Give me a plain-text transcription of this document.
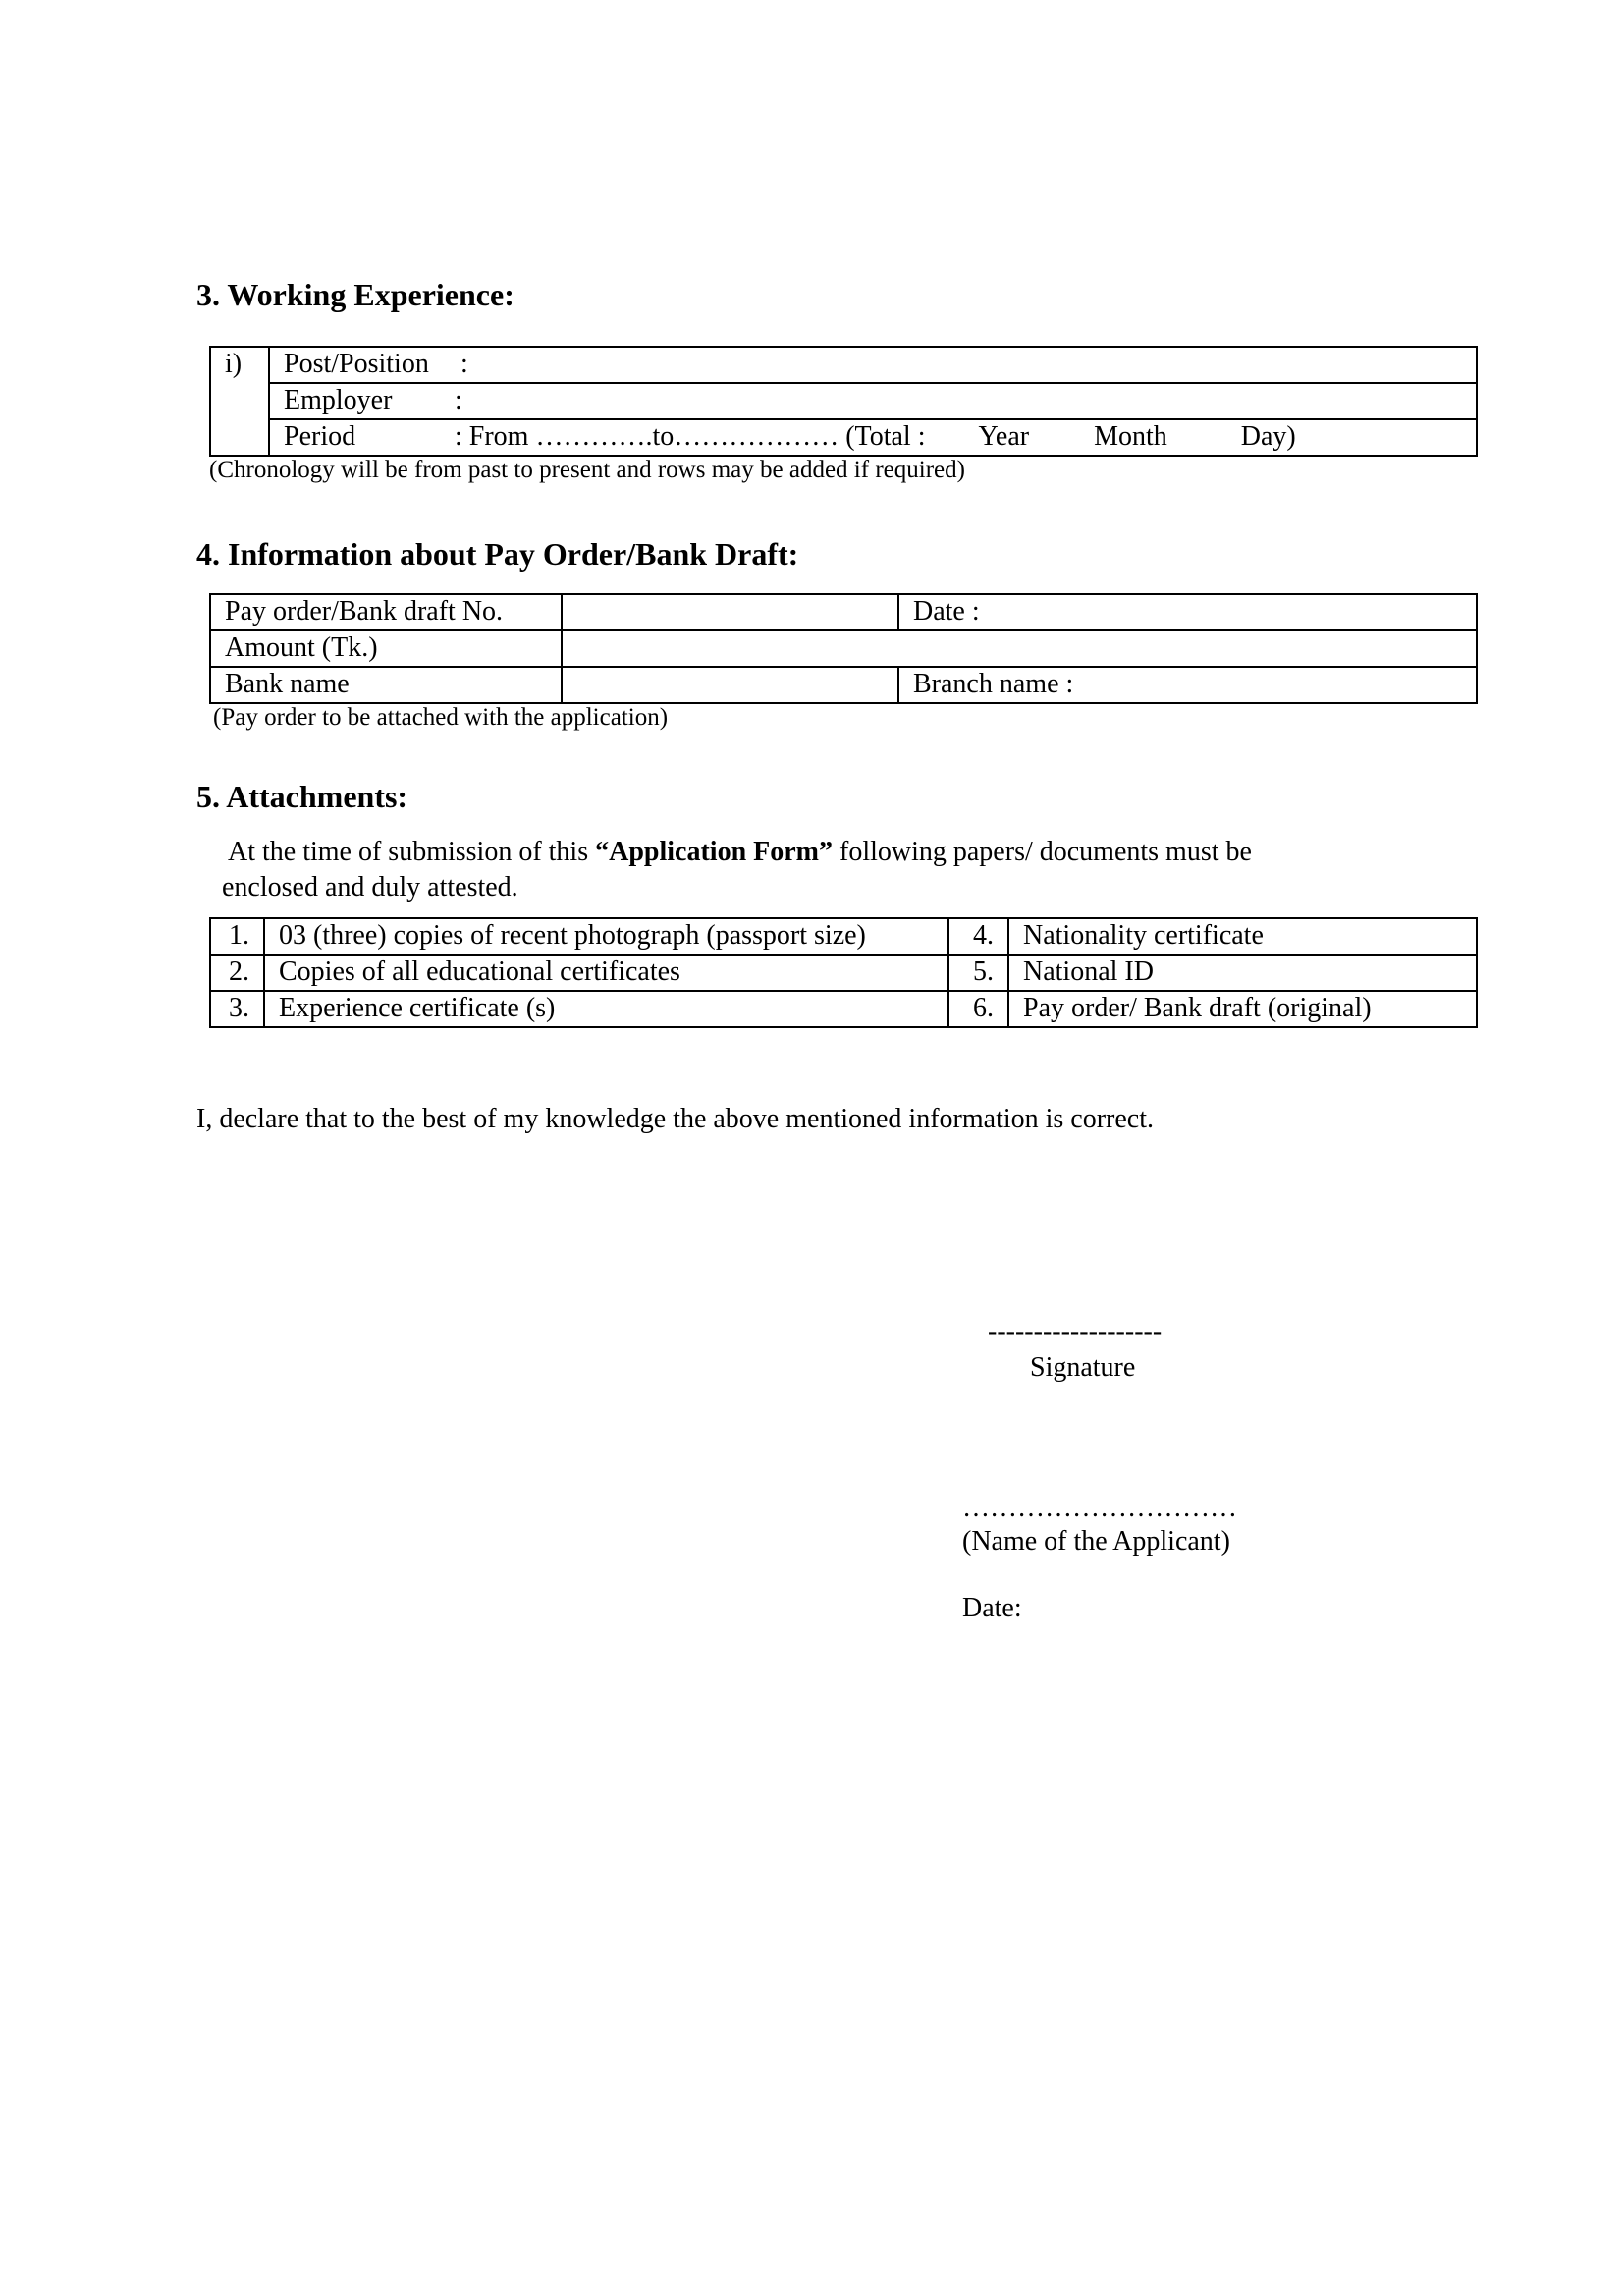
3. Working Experience:
i)	Post/Position :
Employer :
Period	: From ………….to……………… (Total : Year Month	Day)
(Chronology will be from past to present and rows may be added if required)
4. Information about Pay Order/Bank Draft:
Pay order/Bank draft No.		Date :
Amount (Tk.)		
Bank name		Branch name :
(Pay order to be attached with the application)
5. Attachments:
At the time of submission of this “Application Form” following papers/ documents must be
enclosed and duly attested.
1.	03 (three) copies of recent photograph (passport size)	4.	Nationality certificate
2.	Copies of all educational certificates	5.	National ID
3.	Experience certificate (s)	6.	Pay order/ Bank draft (original)
I, declare that to the best of my knowledge the above mentioned information is correct.
-------------------
Signature
…………………………
(Name of the Applicant)
Date:
